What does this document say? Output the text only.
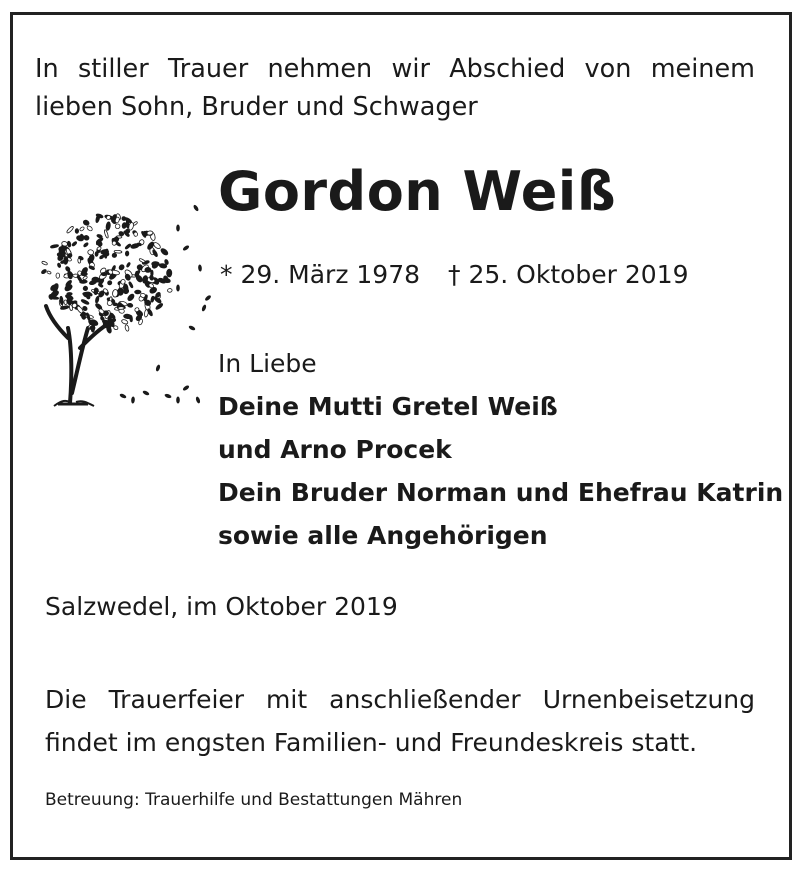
In stiller Trauer nehmen wir Abschied von meinem
lieben Sohn, Bruder und Schwager
Gordon Weiß
* 29. März 1978 † 25. Oktober 2019
In Liebe
Deine Mutti Gretel Weiß
und Arno Procek
Dein Bruder Norman und Ehefrau Katrin
sowie alle Angehörigen
Salzwedel, im Oktober 2019
Die Trauerfeier mit anschließender Urnenbeisetzung
findet im engsten Familien- und Freundeskreis statt.
Betreuung: Trauerhilfe und Bestattungen Mähren
